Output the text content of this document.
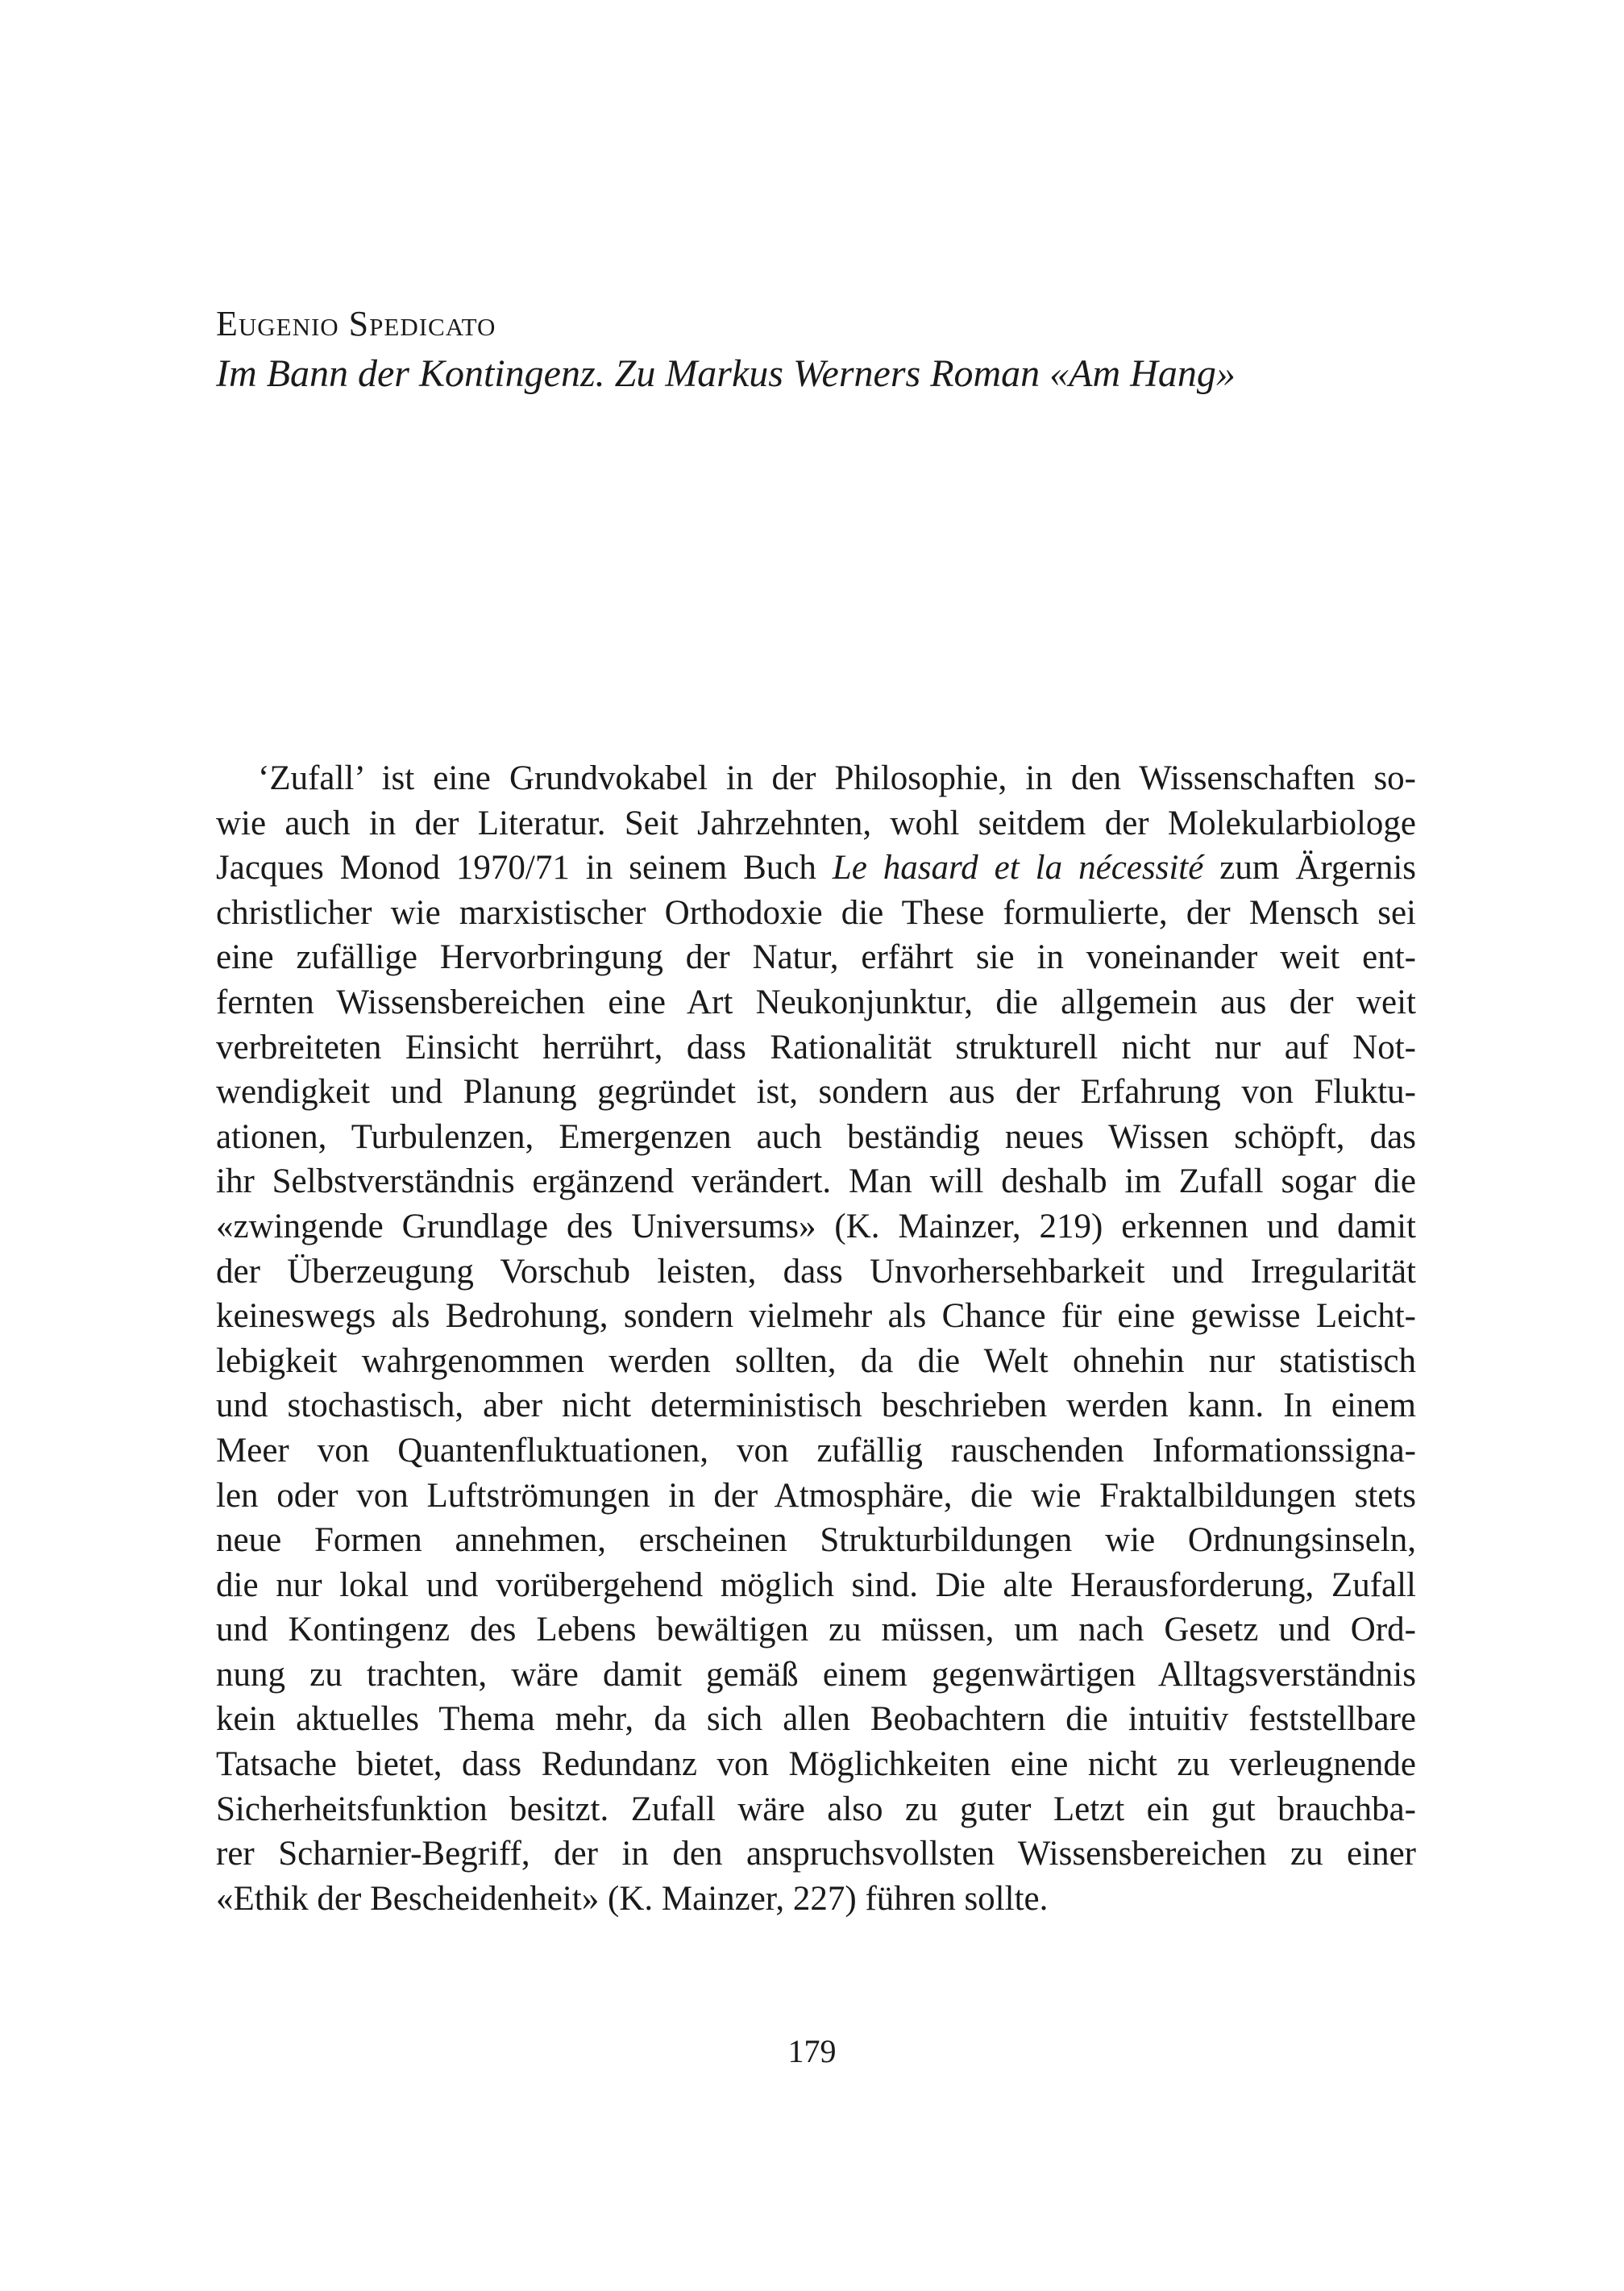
Eugenio Spedicato

Im Bann der Kontingenz. Zu Markus Werners Roman «Am Hang»

‘Zufall’ ist eine Grundvokabel in der Philosophie, in den Wissenschaften so-
wie auch in der Literatur. Seit Jahrzehnten, wohl seitdem der Molekularbiologe
Jacques Monod 1970/71 in seinem Buch Le hasard et la nécessité zum Ärgernis
christlicher wie marxistischer Orthodoxie die These formulierte, der Mensch sei
eine zufällige Hervorbringung der Natur, erfährt sie in voneinander weit ent-
fernten Wissensbereichen eine Art Neukonjunktur, die allgemein aus der weit
verbreiteten Einsicht herrührt, dass Rationalität strukturell nicht nur auf Not-
wendigkeit und Planung gegründet ist, sondern aus der Erfahrung von Fluktu-
ationen, Turbulenzen, Emergenzen auch beständig neues Wissen schöpft, das
ihr Selbstverständnis ergänzend verändert. Man will deshalb im Zufall sogar die
«zwingende Grundlage des Universums» (K. Mainzer, 219) erkennen und damit
der Überzeugung Vorschub leisten, dass Unvorhersehbarkeit und Irregularität
keineswegs als Bedrohung, sondern vielmehr als Chance für eine gewisse Leicht-
lebigkeit wahrgenommen werden sollten, da die Welt ohnehin nur statistisch
und stochastisch, aber nicht deterministisch beschrieben werden kann. In einem
Meer von Quantenfluktuationen, von zufällig rauschenden Informationssigna-
len oder von Luftströmungen in der Atmosphäre, die wie Fraktalbildungen stets
neue Formen annehmen, erscheinen Strukturbildungen wie Ordnungsinseln,
die nur lokal und vorübergehend möglich sind. Die alte Herausforderung, Zufall
und Kontingenz des Lebens bewältigen zu müssen, um nach Gesetz und Ord-
nung zu trachten, wäre damit gemäß einem gegenwärtigen Alltagsverständnis
kein aktuelles Thema mehr, da sich allen Beobachtern die intuitiv feststellbare
Tatsache bietet, dass Redundanz von Möglichkeiten eine nicht zu verleugnende
Sicherheitsfunktion besitzt. Zufall wäre also zu guter Letzt ein gut brauchba-
rer Scharnier-Begriff, der in den anspruchsvollsten Wissensbereichen zu einer
«Ethik der Bescheidenheit» (K. Mainzer, 227) führen sollte.
179
